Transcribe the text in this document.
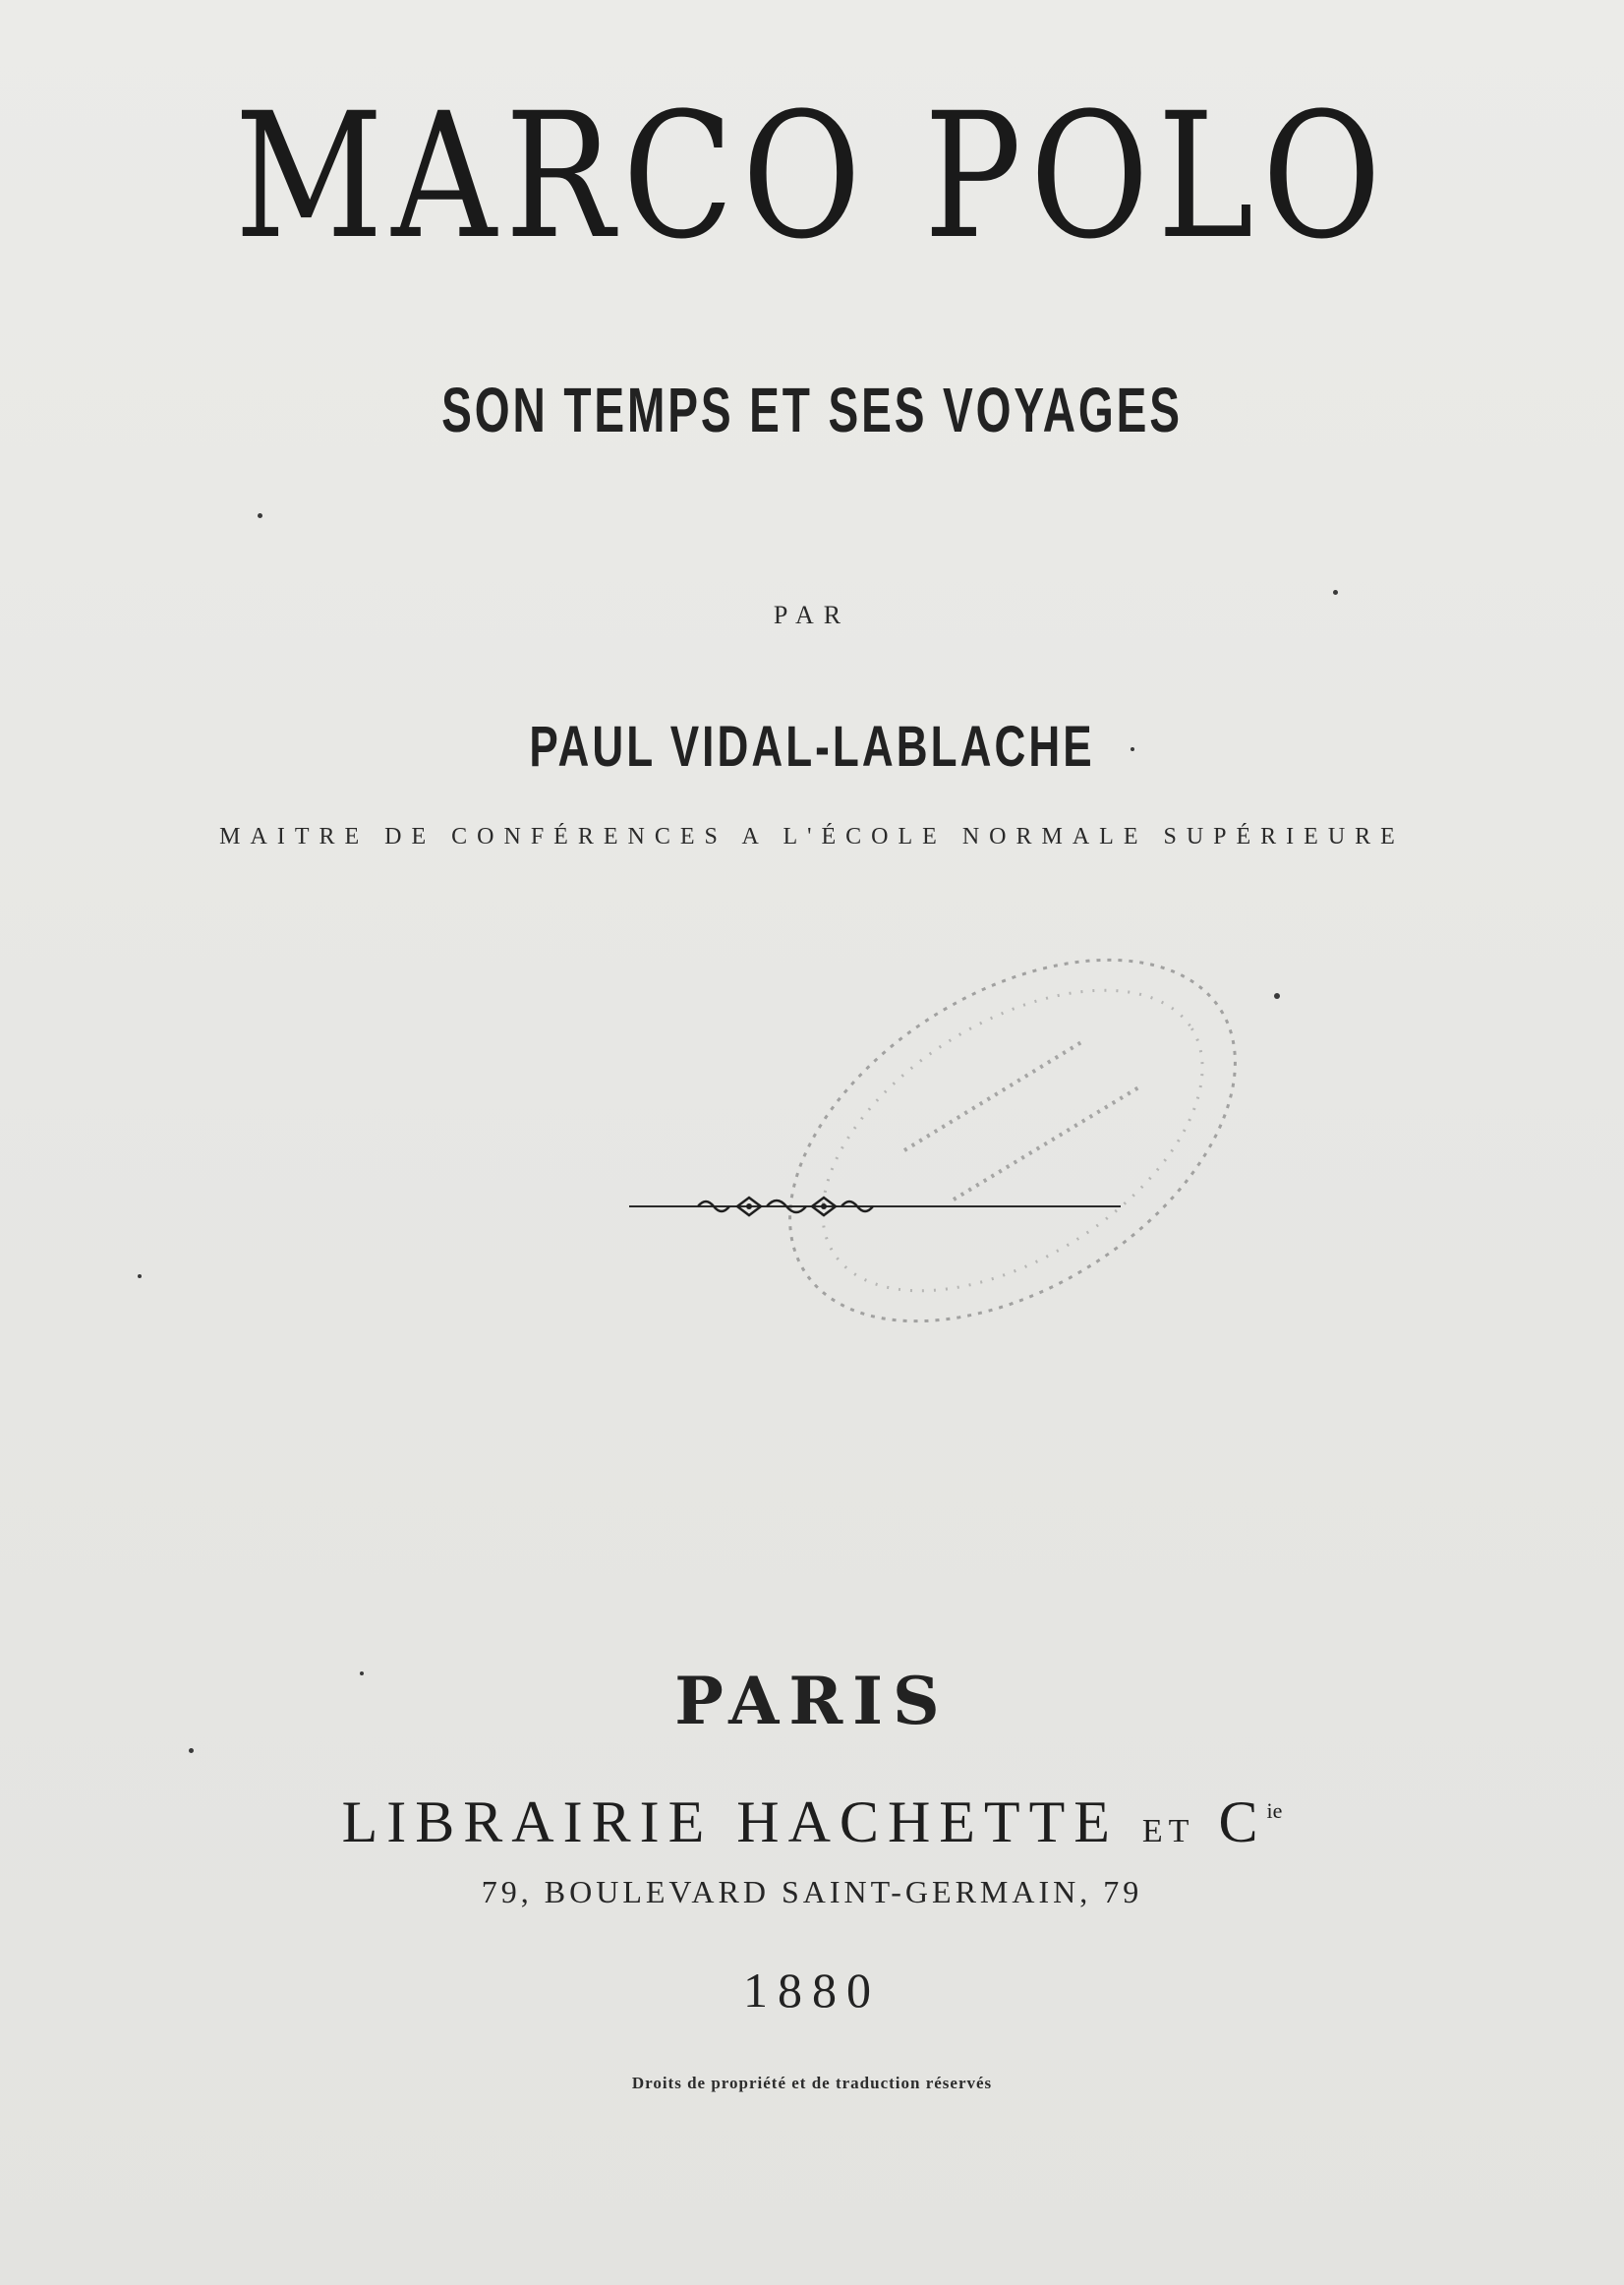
MARCO POLO
SON TEMPS ET SES VOYAGES
PAR
PAUL VIDAL-LABLACHE
MAITRE DE CONFÉRENCES A L'ÉCOLE NORMALE SUPÉRIEURE
PARIS
LIBRAIRIE HACHETTE ET $C^{ie}$
79, BOULEVARD SAINT-GERMAIN, 79
1880
Droits de propriété et de traduction réservés
